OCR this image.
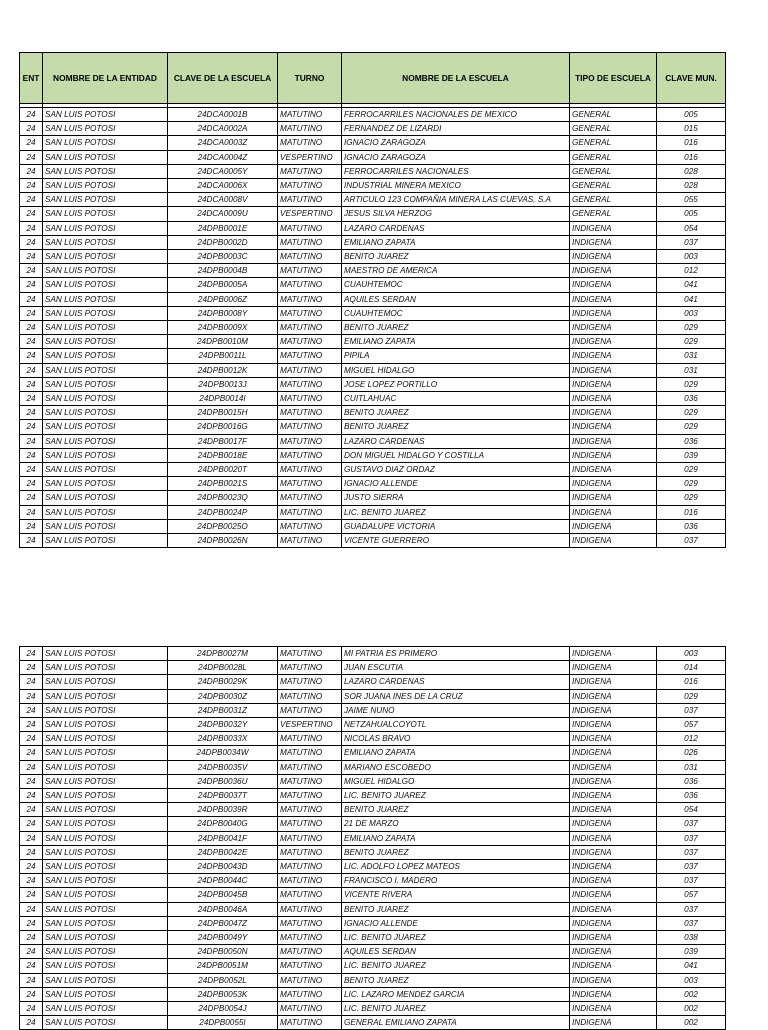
ENT	NOMBRE DE LA ENTIDAD	CLAVE DE LA ESCUELA	TURNO	NOMBRE DE LA ESCUELA	TIPO DE ESCUELA	CLAVE MUN.

24	SAN LUIS POTOSI	24DCA0001B	MATUTINO	FERROCARRILES NACIONALES DE MEXICO	GENERAL	005
24	SAN LUIS POTOSI	24DCA0002A	MATUTINO	FERNANDEZ DE LIZARDI	GENERAL	015
24	SAN LUIS POTOSI	24DCA0003Z	MATUTINO	IGNACIO ZARAGOZA	GENERAL	016
24	SAN LUIS POTOSI	24DCA0004Z	VESPERTINO	IGNACIO ZARAGOZA	GENERAL	016
24	SAN LUIS POTOSI	24DCA0005Y	MATUTINO	FERROCARRILES NACIONALES	GENERAL	028
24	SAN LUIS POTOSI	24DCA0006X	MATUTINO	INDUSTRIAL MINERA MEXICO	GENERAL	028
24	SAN LUIS POTOSI	24DCA0008V	MATUTINO	ARTICULO 123 COMPAÑIA MINERA LAS CUEVAS, S.A	GENERAL	055
24	SAN LUIS POTOSI	24DCA0009U	VESPERTINO	JESUS SILVA HERZOG	GENERAL	005
24	SAN LUIS POTOSI	24DPB0001E	MATUTINO	LAZARO CARDENAS	INDIGENA	054
24	SAN LUIS POTOSI	24DPB0002D	MATUTINO	EMILIANO ZAPATA	INDIGENA	037
24	SAN LUIS POTOSI	24DPB0003C	MATUTINO	BENITO JUAREZ	INDIGENA	003
24	SAN LUIS POTOSI	24DPB0004B	MATUTINO	MAESTRO DE AMERICA	INDIGENA	012
24	SAN LUIS POTOSI	24DPB0005A	MATUTINO	CUAUHTEMOC	INDIGENA	041
24	SAN LUIS POTOSI	24DPB0006Z	MATUTINO	AQUILES SERDAN	INDIGENA	041
24	SAN LUIS POTOSI	24DPB0008Y	MATUTINO	CUAUHTEMOC	INDIGENA	003
24	SAN LUIS POTOSI	24DPB0009X	MATUTINO	BENITO JUAREZ	INDIGENA	029
24	SAN LUIS POTOSI	24DPB0010M	MATUTINO	EMILIANO ZAPATA	INDIGENA	029
24	SAN LUIS POTOSI	24DPB0011L	MATUTINO	PIPILA	INDIGENA	031
24	SAN LUIS POTOSI	24DPB0012K	MATUTINO	MIGUEL HIDALGO	INDIGENA	031
24	SAN LUIS POTOSI	24DPB0013J	MATUTINO	JOSE LOPEZ PORTILLO	INDIGENA	029
24	SAN LUIS POTOSI	24DPB0014I	MATUTINO	CUITLAHUAC	INDIGENA	036
24	SAN LUIS POTOSI	24DPB0015H	MATUTINO	BENITO JUAREZ	INDIGENA	029
24	SAN LUIS POTOSI	24DPB0016G	MATUTINO	BENITO JUAREZ	INDIGENA	029
24	SAN LUIS POTOSI	24DPB0017F	MATUTINO	LAZARO CARDENAS	INDIGENA	036
24	SAN LUIS POTOSI	24DPB0018E	MATUTINO	DON MIGUEL HIDALGO Y COSTILLA	INDIGENA	039
24	SAN LUIS POTOSI	24DPB0020T	MATUTINO	GUSTAVO DIAZ ORDAZ	INDIGENA	029
24	SAN LUIS POTOSI	24DPB0021S	MATUTINO	IGNACIO ALLENDE	INDIGENA	029
24	SAN LUIS POTOSI	24DPB0023Q	MATUTINO	JUSTO SIERRA	INDIGENA	029
24	SAN LUIS POTOSI	24DPB0024P	MATUTINO	LIC. BENITO JUAREZ	INDIGENA	016
24	SAN LUIS POTOSI	24DPB0025O	MATUTINO	GUADALUPE VICTORIA	INDIGENA	036
24	SAN LUIS POTOSI	24DPB0026N	MATUTINO	VICENTE GUERRERO	INDIGENA	037
24	SAN LUIS POTOSI	24DPB0027M	MATUTINO	MI PATRIA ES PRIMERO	INDIGENA	003
24	SAN LUIS POTOSI	24DPB0028L	MATUTINO	JUAN ESCUTIA	INDIGENA	014
24	SAN LUIS POTOSI	24DPB0029K	MATUTINO	LAZARO CARDENAS	INDIGENA	016
24	SAN LUIS POTOSI	24DPB0030Z	MATUTINO	SOR JUANA INES DE LA CRUZ	INDIGENA	029
24	SAN LUIS POTOSI	24DPB0031Z	MATUTINO	JAIME NUNO	INDIGENA	037
24	SAN LUIS POTOSI	24DPB0032Y	VESPERTINO	NETZAHUALCOYOTL	INDIGENA	057
24	SAN LUIS POTOSI	24DPB0033X	MATUTINO	NICOLAS BRAVO	INDIGENA	012
24	SAN LUIS POTOSI	24DPB0034W	MATUTINO	EMILIANO ZAPATA	INDIGENA	026
24	SAN LUIS POTOSI	24DPB0035V	MATUTINO	MARIANO ESCOBEDO	INDIGENA	031
24	SAN LUIS POTOSI	24DPB0036U	MATUTINO	MIGUEL HIDALGO	INDIGENA	036
24	SAN LUIS POTOSI	24DPB0037T	MATUTINO	LIC. BENITO JUAREZ	INDIGENA	036
24	SAN LUIS POTOSI	24DPB0039R	MATUTINO	BENITO JUAREZ	INDIGENA	054
24	SAN LUIS POTOSI	24DPB0040G	MATUTINO	21 DE MARZO	INDIGENA	037
24	SAN LUIS POTOSI	24DPB0041F	MATUTINO	EMILIANO ZAPATA	INDIGENA	037
24	SAN LUIS POTOSI	24DPB0042E	MATUTINO	BENITO JUAREZ	INDIGENA	037
24	SAN LUIS POTOSI	24DPB0043D	MATUTINO	LIC. ADOLFO LOPEZ MATEOS	INDIGENA	037
24	SAN LUIS POTOSI	24DPB0044C	MATUTINO	FRANCISCO I. MADERO	INDIGENA	037
24	SAN LUIS POTOSI	24DPB0045B	MATUTINO	VICENTE RIVERA	INDIGENA	057
24	SAN LUIS POTOSI	24DPB0046A	MATUTINO	BENITO JUAREZ	INDIGENA	037
24	SAN LUIS POTOSI	24DPB0047Z	MATUTINO	IGNACIO ALLENDE	INDIGENA	037
24	SAN LUIS POTOSI	24DPB0049Y	MATUTINO	LIC. BENITO JUAREZ	INDIGENA	038
24	SAN LUIS POTOSI	24DPB0050N	MATUTINO	AQUILES SERDAN	INDIGENA	039
24	SAN LUIS POTOSI	24DPB0051M	MATUTINO	LIC. BENITO JUAREZ	INDIGENA	041
24	SAN LUIS POTOSI	24DPB0052L	MATUTINO	BENITO JUAREZ	INDIGENA	003
24	SAN LUIS POTOSI	24DPB0053K	MATUTINO	LIC. LAZARO MENDEZ GARCIA	INDIGENA	002
24	SAN LUIS POTOSI	24DPB0054J	MATUTINO	LIC. BENITO JUAREZ	INDIGENA	002
24	SAN LUIS POTOSI	24DPB0055I	MATUTINO	GENERAL EMILIANO ZAPATA	INDIGENA	002
